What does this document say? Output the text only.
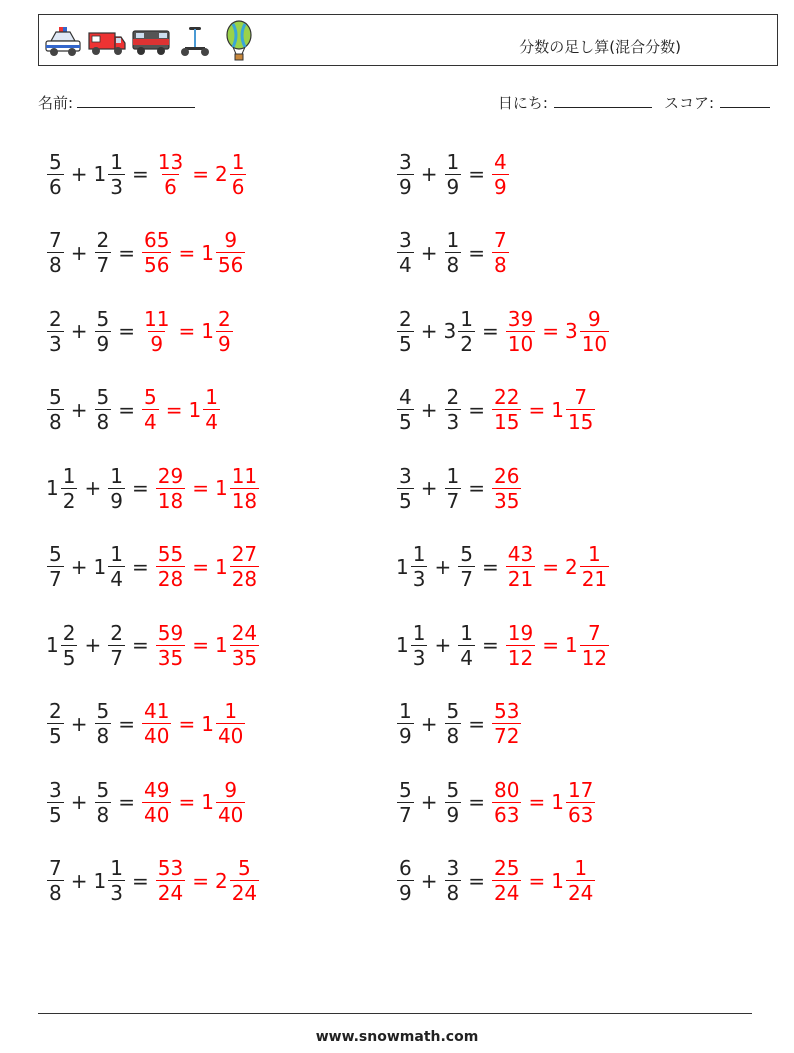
分数の足し算(混合分数)
名前:	日にち:	スコア:
$\frac{5}{6} + 1 \frac{1}{3} = \frac{13}{6} = 2 \frac{1}{6}$
$\frac{7}{8} + \frac{2}{7} = \frac{65}{56} = 1 \frac{9}{56}$
$\frac{2}{3} + \frac{5}{9} = \frac{11}{9} = 1 \frac{2}{9}$
$\frac{5}{8} + \frac{5}{8} = \frac{5}{4} = 1 \frac{1}{4}$
$1 \frac{1}{2} + \frac{1}{9} = \frac{29}{18} = 1 \frac{11}{18}$
$\frac{5}{7} + 1 \frac{1}{4} = \frac{55}{28} = 1 \frac{27}{28}$
$1 \frac{2}{5} + \frac{2}{7} = \frac{59}{35} = 1 \frac{24}{35}$
$\frac{2}{5} + \frac{5}{8} = \frac{41}{40} = 1 \frac{1}{40}$
$\frac{3}{5} + \frac{5}{8} = \frac{49}{40} = 1 \frac{9}{40}$
$\frac{7}{8} + 1 \frac{1}{3} = \frac{53}{24} = 2 \frac{5}{24}$
$\frac{3}{9} + \frac{1}{9} = \frac{4}{9}$
$\frac{3}{4} + \frac{1}{8} = \frac{7}{8}$
$\frac{2}{5} + 3 \frac{1}{2} = \frac{39}{10} = 3 \frac{9}{10}$
$\frac{4}{5} + \frac{2}{3} = \frac{22}{15} = 1 \frac{7}{15}$
$\frac{3}{5} + \frac{1}{7} = \frac{26}{35}$
$1 \frac{1}{3} + \frac{5}{7} = \frac{43}{21} = 2 \frac{1}{21}$
$1 \frac{1}{3} + \frac{1}{4} = \frac{19}{12} = 1 \frac{7}{12}$
$\frac{1}{9} + \frac{5}{8} = \frac{53}{72}$
$\frac{5}{7} + \frac{5}{9} = \frac{80}{63} = 1 \frac{17}{63}$
$\frac{6}{9} + \frac{3}{8} = \frac{25}{24} = 1 \frac{1}{24}$
www.snowmath.com
